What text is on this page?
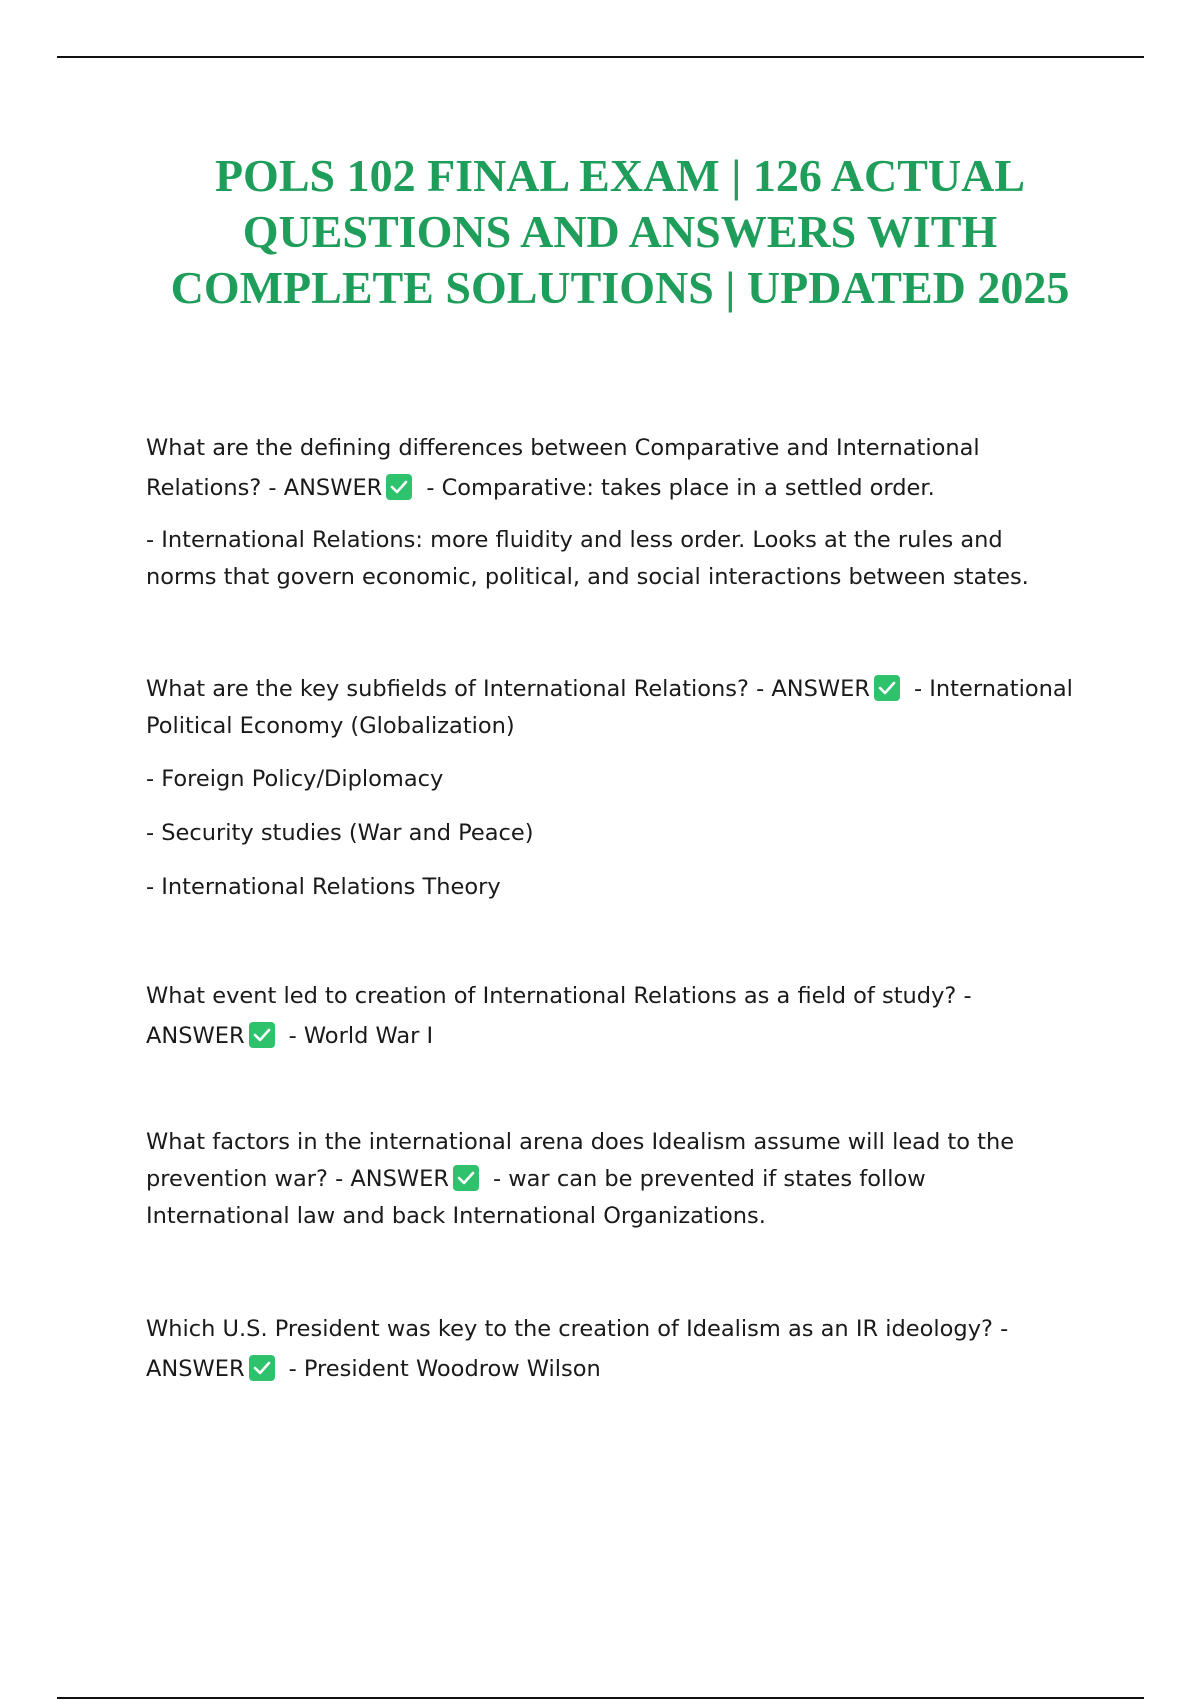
POLS 102 FINAL EXAM | 126 ACTUAL QUESTIONS AND ANSWERS WITH COMPLETE SOLUTIONS | UPDATED 2025

What are the defining differences between Comparative and International Relations? - ANSWER - Comparative: takes place in a settled order.

- International Relations: more fluidity and less order. Looks at the rules and norms that govern economic, political, and social interactions between states.

What are the key subfields of International Relations? - ANSWER - International Political Economy (Globalization)

- Foreign Policy/Diplomacy

- Security studies (War and Peace)

- International Relations Theory

What event led to creation of International Relations as a field of study? - ANSWER - World War I

What factors in the international arena does Idealism assume will lead to the prevention war? - ANSWER - war can be prevented if states follow International law and back International Organizations.

Which U.S. President was key to the creation of Idealism as an IR ideology? - ANSWER - President Woodrow Wilson
